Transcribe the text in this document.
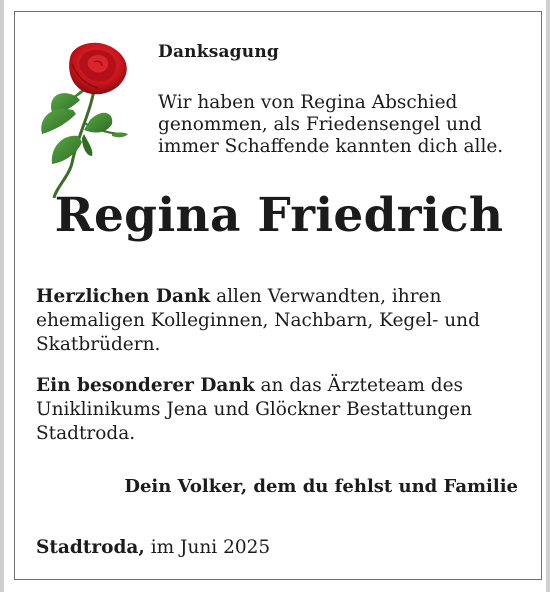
Danksagung
Wir haben von Regina Abschied
genommen, als Friedensengel und
immer Schaffende kannten dich alle.
Regina Friedrich
Herzlichen Dank allen Verwandten, ihren
ehemaligen Kolleginnen, Nachbarn, Kegel- und
Skatbrüdern.
Ein besonderer Dank an das Ärzteteam des
Uniklinikums Jena und Glöckner Bestattungen
Stadtroda.
Dein Volker, dem du fehlst und Familie
Stadtroda, im Juni 2025
